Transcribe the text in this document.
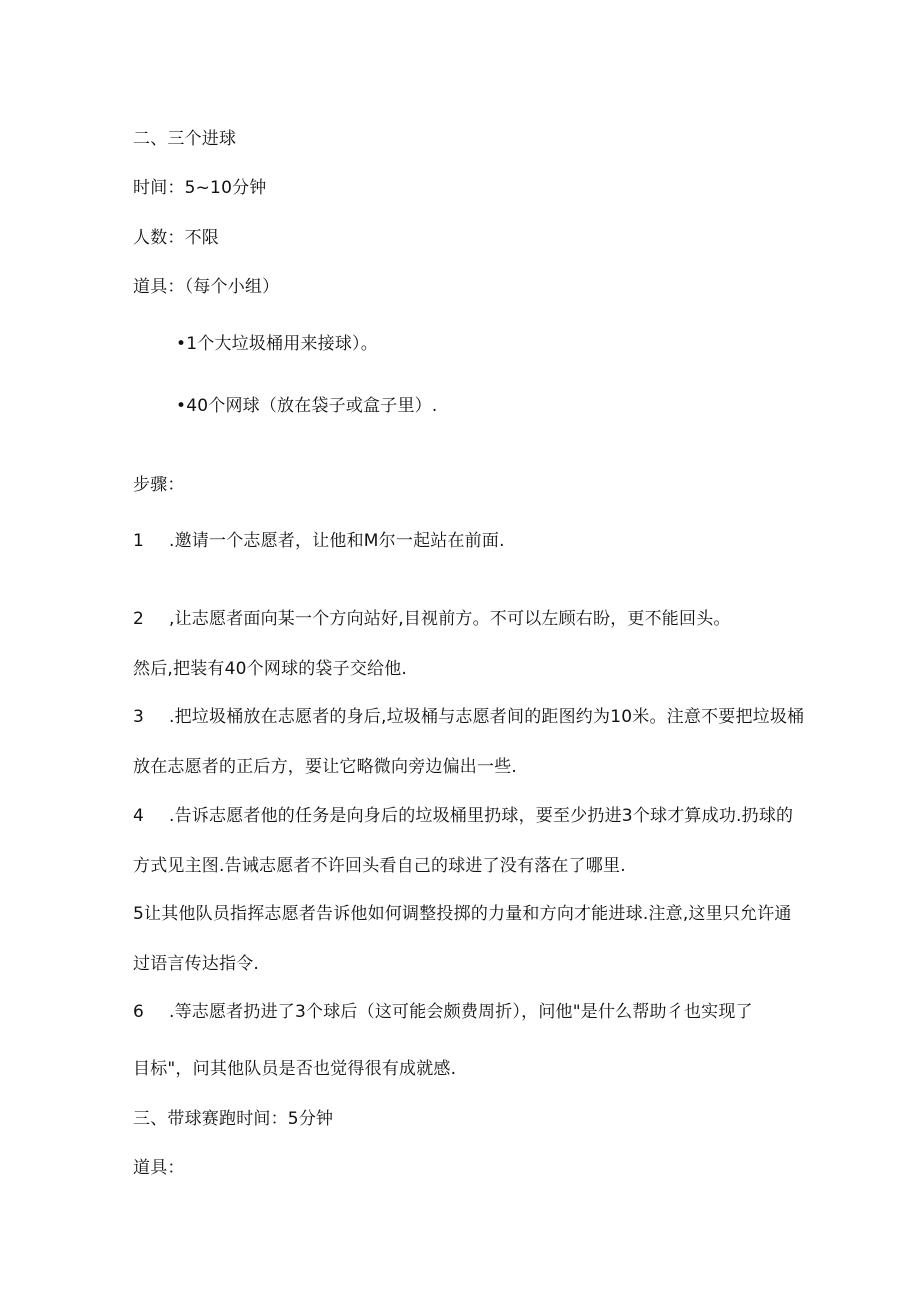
二、三个进球
时间：5~10分钟
人数：不限
道具：（每个小组）
•1个大垃圾桶用来接球）。
•40个网球（放在袋子或盒子里）.
步骤：
1 .邀请一个志愿者，让他和M尔一起站在前面.
2 ,让志愿者面向某一个方向站好,目视前方。不可以左顾右盼，更不能回头。
然后,把装有40个网球的袋子交给他.
3 .把垃圾桶放在志愿者的身后,垃圾桶与志愿者间的距图约为10米。注意不要把垃圾桶
放在志愿者的正后方，要让它略微向旁边偏出一些.
4 .告诉志愿者他的任务是向身后的垃圾桶里扔球，要至少扔进3个球才算成功.扔球的
方式见主图.告诫志愿者不许回头看自己的球进了没有落在了哪里.
5让其他队员指挥志愿者告诉他如何调整投掷的力量和方向才能进球.注意,这里只允许通
过语言传达指令.
6 .等志愿者扔进了3个球后（这可能会颇费周折），问他"是什么帮助彳也实现了
目标"，问其他队员是否也觉得很有成就感.
三、带球赛跑时间：5分钟
道具：
